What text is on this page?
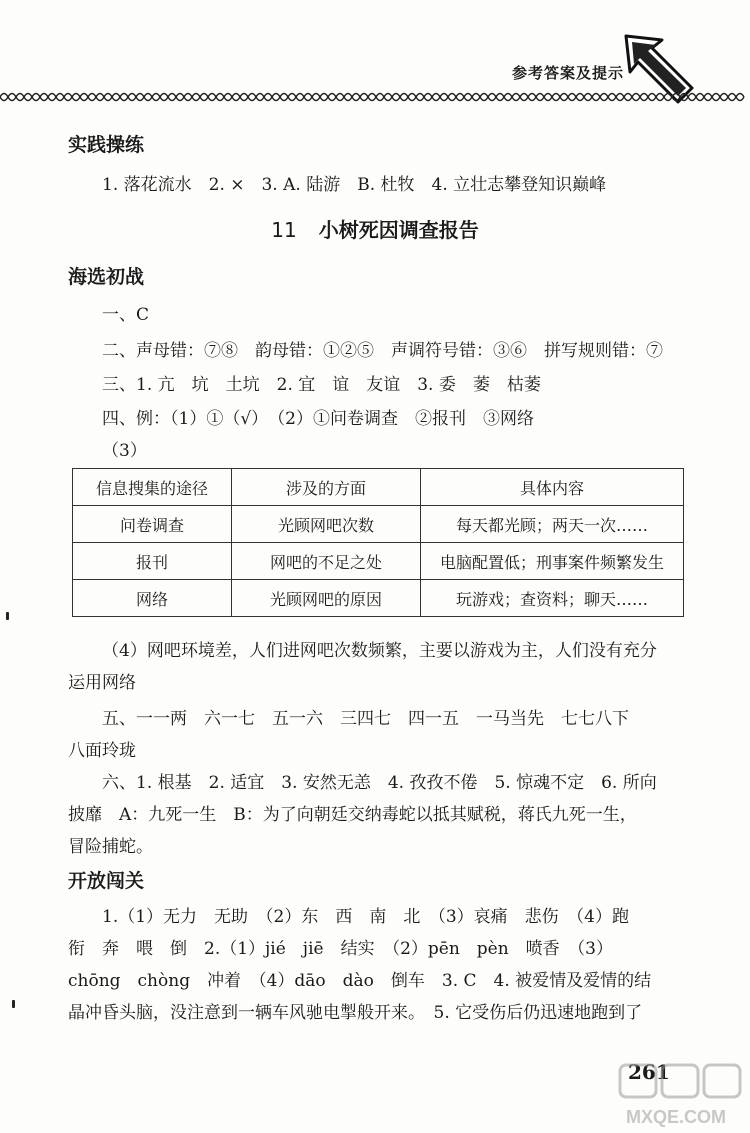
参考答案及提示
实践操练
1. 落花流水　2. ×　3. A. 陆游　B. 杜牧　4. 立壮志攀登知识巅峰
11 小树死因调查报告
海选初战
一、C
二、声母错：⑦⑧　韵母错：①②⑤　声调符号错：③⑥　拼写规则错：⑦
三、1. 亢　坑　土坑　2. 宜　谊　友谊　3. 委　萎　枯萎
四、例：（1）①（√）　（2）①问卷调查　②报刊　③网络
（3）
信息搜集的途径	涉及的方面	具体内容
问卷调查	光顾网吧次数	每天都光顾；两天一次……
报刊	网吧的不足之处	电脑配置低；刑事案件频繁发生
网络	光顾网吧的原因	玩游戏；查资料；聊天……
（4）网吧环境差，人们进网吧次数频繁，主要以游戏为主，人们没有充分
运用网络
五、一一两　六一七　五一六　三四七　四一五　一马当先　七七八下
八面玲珑
六、1. 根基　2. 适宜　3. 安然无恙　4. 孜孜不倦　5. 惊魂不定　6. 所向
披靡　A：九死一生　B：为了向朝廷交纳毒蛇以抵其赋税，蒋氏九死一生，
冒险捕蛇。
开放闯关
1.（1）无力　无助　（2）东　西　南　北　（3）哀痛　悲伤　（4）跑
衔　奔　喂　倒　2.（1）jié　jiē　结实　（2）pēn　pèn　喷香　（3）
chōng　chòng　冲着　（4）dāo　dào　倒车　3. C　4. 被爱情及爱情的结
晶冲昏头脑，没注意到一辆车风驰电掣般开来。　5. 它受伤后仍迅速地跑到了
261
MXQE.COM
